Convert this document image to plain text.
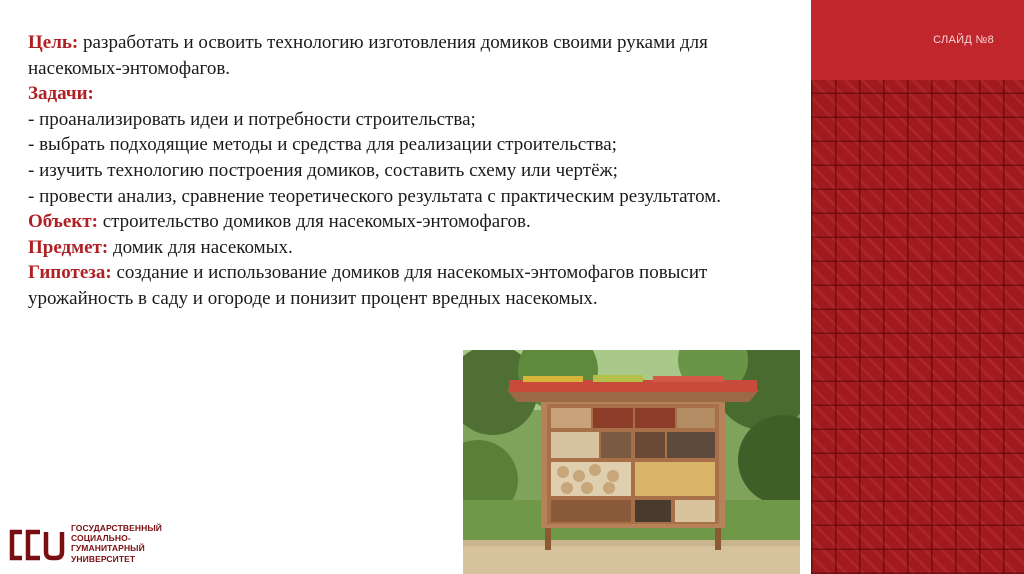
Цель: разработать и освоить технологию изготовления домиков своими руками для насекомых-энтомофагов.

Задачи:

- проанализировать идеи и потребности строительства;

- выбрать подходящие методы и средства для реализации строительства;

- изучить технологию построения домиков, составить схему или чертёж;

- провести анализ, сравнение теоретического результата с практическим результатом.

Объект: строительство домиков для насекомых-энтомофагов.

Предмет: домик для насекомых.

Гипотеза: создание и использование домиков для насекомых-энтомофагов повысит урожайность в саду и огороде и понизит процент вредных насекомых.

СЛАЙД №8
ГОСУДАРСТВЕННЫЙ
СОЦИАЛЬНО-
ГУМАНИТАРНЫЙ
УНИВЕРСИТЕТ
